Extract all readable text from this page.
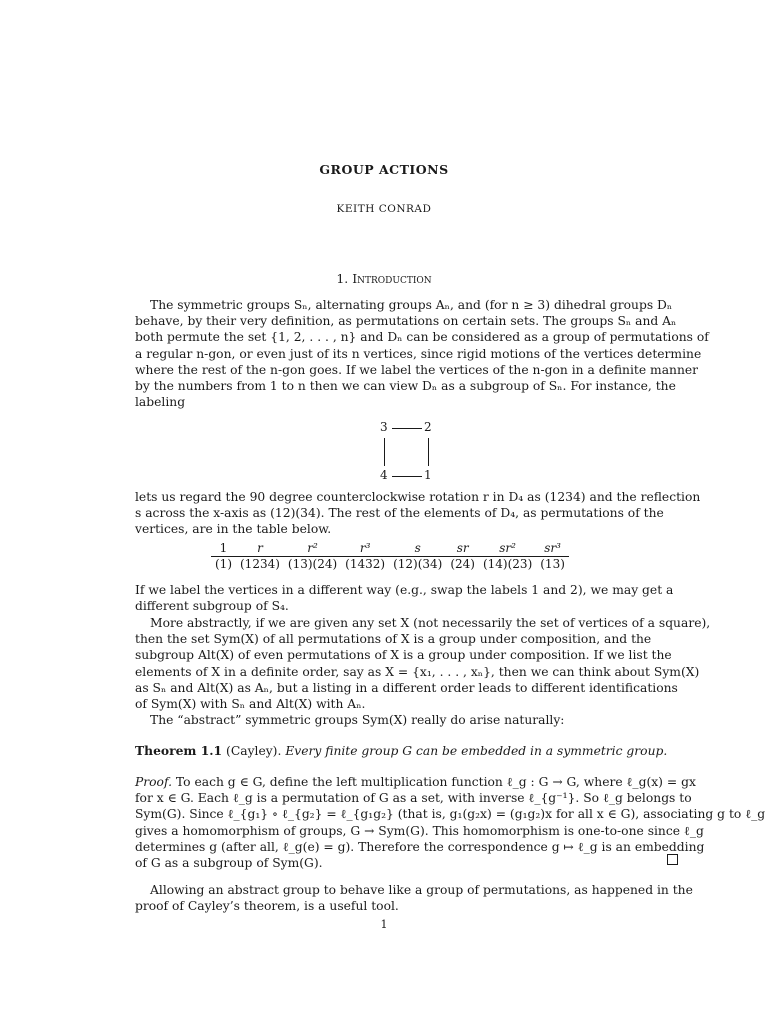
GROUP ACTIONS
KEITH CONRAD
1. Introduction
The symmetric groups Sₙ, alternating groups Aₙ, and (for n ≥ 3) dihedral groups Dₙ
behave, by their very definition, as permutations on certain sets. The groups Sₙ and Aₙ
both permute the set {1, 2, . . . , n} and Dₙ can be considered as a group of permutations of
a regular n-gon, or even just of its n vertices, since rigid motions of the vertices determine
where the rest of the n-gon goes. If we label the vertices of the n-gon in a definite manner
by the numbers from 1 to n then we can view Dₙ as a subgroup of Sₙ. For instance, the
labeling
3	2
4	1
lets us regard the 90 degree counterclockwise rotation r in D₄ as (1234) and the reflection
s across the x-axis as (12)(34). The rest of the elements of D₄, as permutations of the
vertices, are in the table below.
1	r	r²	r³	s	sr	sr²	sr³
(1)	(1234)	(13)(24)	(1432)	(12)(34)	(24)	(14)(23)	(13)
If we label the vertices in a different way (e.g., swap the labels 1 and 2), we may get a
different subgroup of S₄.
More abstractly, if we are given any set X (not necessarily the set of vertices of a square),
then the set Sym(X) of all permutations of X is a group under composition, and the
subgroup Alt(X) of even permutations of X is a group under composition. If we list the
elements of X in a definite order, say as X = {x₁, . . . , xₙ}, then we can think about Sym(X)
as Sₙ and Alt(X) as Aₙ, but a listing in a different order leads to different identifications
of Sym(X) with Sₙ and Alt(X) with Aₙ.
The “abstract” symmetric groups Sym(X) really do arise naturally:
Theorem 1.1 (Cayley). Every finite group G can be embedded in a symmetric group.
Proof. To each g ∈ G, define the left multiplication function ℓ_g : G → G, where ℓ_g(x) = gx
for x ∈ G. Each ℓ_g is a permutation of G as a set, with inverse ℓ_{g⁻¹}. So ℓ_g belongs to
Sym(G). Since ℓ_{g₁} ∘ ℓ_{g₂} = ℓ_{g₁g₂} (that is, g₁(g₂x) = (g₁g₂)x for all x ∈ G), associating g to ℓ_g
gives a homomorphism of groups, G → Sym(G). This homomorphism is one-to-one since ℓ_g
determines g (after all, ℓ_g(e) = g). Therefore the correspondence g ↦ ℓ_g is an embedding
of G as a subgroup of Sym(G).
Allowing an abstract group to behave like a group of permutations, as happened in the
proof of Cayley’s theorem, is a useful tool.
1
